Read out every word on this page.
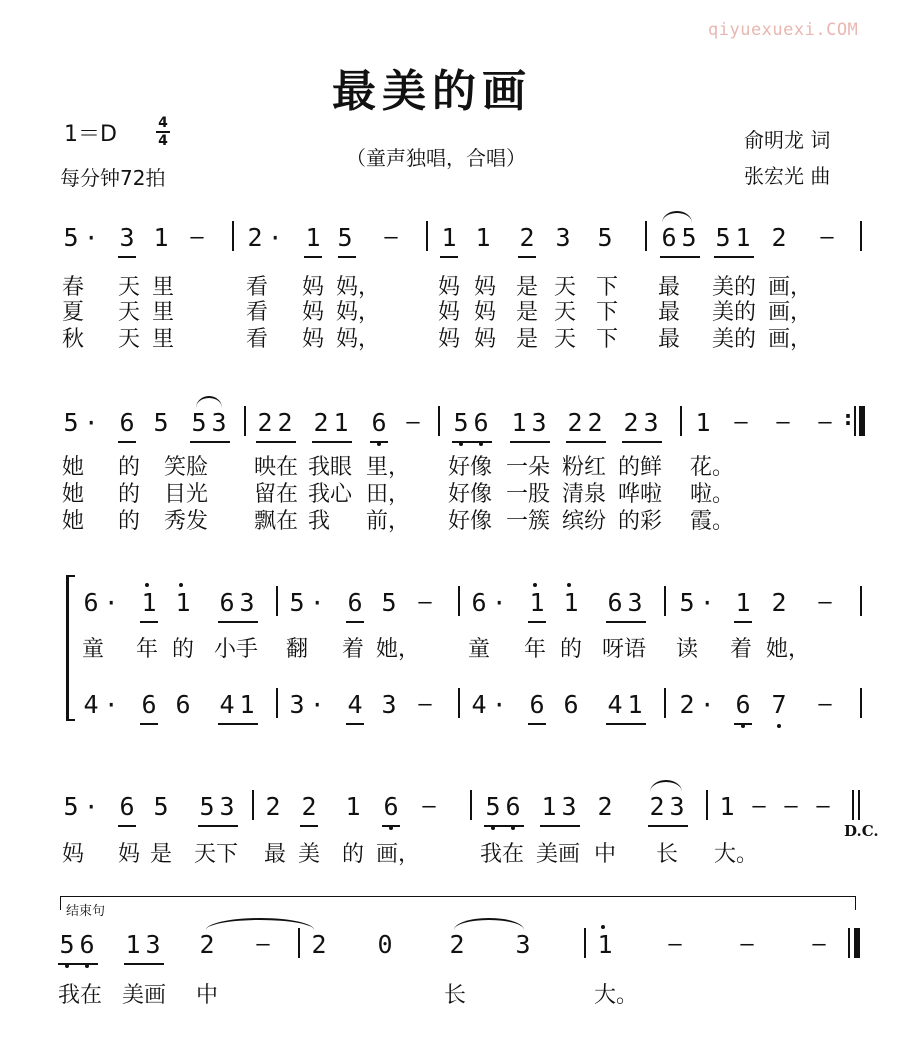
qiyuexuexi.COM
最美的画
1＝D	4
4
每分钟72拍
（童声独唱，合唱）
俞明龙 词
张宏光 曲
5 · 3 1 – 2 · 1 5 – 1 1 2 3 5 6 5 5 1 2 –
春 天 里	看 妈 妈，	妈 妈 是 天 下 最 美的 画，
夏 天 里	看 妈 妈，	妈 妈 是 天 下 最 美的 画，
秋 天 里	看 妈 妈，	妈 妈 是 天 下 最 美的 画，
5 · 6 5 5 3 2 2 2 1 6 – 5 6 1 3 2 2 2 3 1 – – – :
她 的 笑脸 映在 我眼 里， 好像 一朵 粉红 的鲜 花。
她 的 目光 留在 我心 田， 好像 一股 清泉 哗啦 啦。
她 的 秀发 飘在 我 前， 好像 一簇 缤纷 的彩 霞。
6 · 1 1 6 3 5 · 6 5 – 6 · 1 1 6 3 5 · 1 2 –
童 年 的 小手 翻 着 她， 童 年 的 呀语 读 着 她，
4 · 6 6 4 1 3 · 4 3 – 4 · 6 6 4 1 2 · 6 7 –
5 · 6 5 5 3 2 2 1 6 – 5 6 1 3 2 2 3 1 – – –
D.C.
妈 妈 是 天下 最 美 的 画，	我在 美画 中 长 大。
结束句
5 6 1 3 2 – 2 0 2 3	1	–	–	–
我在 美画 中	长	大。
